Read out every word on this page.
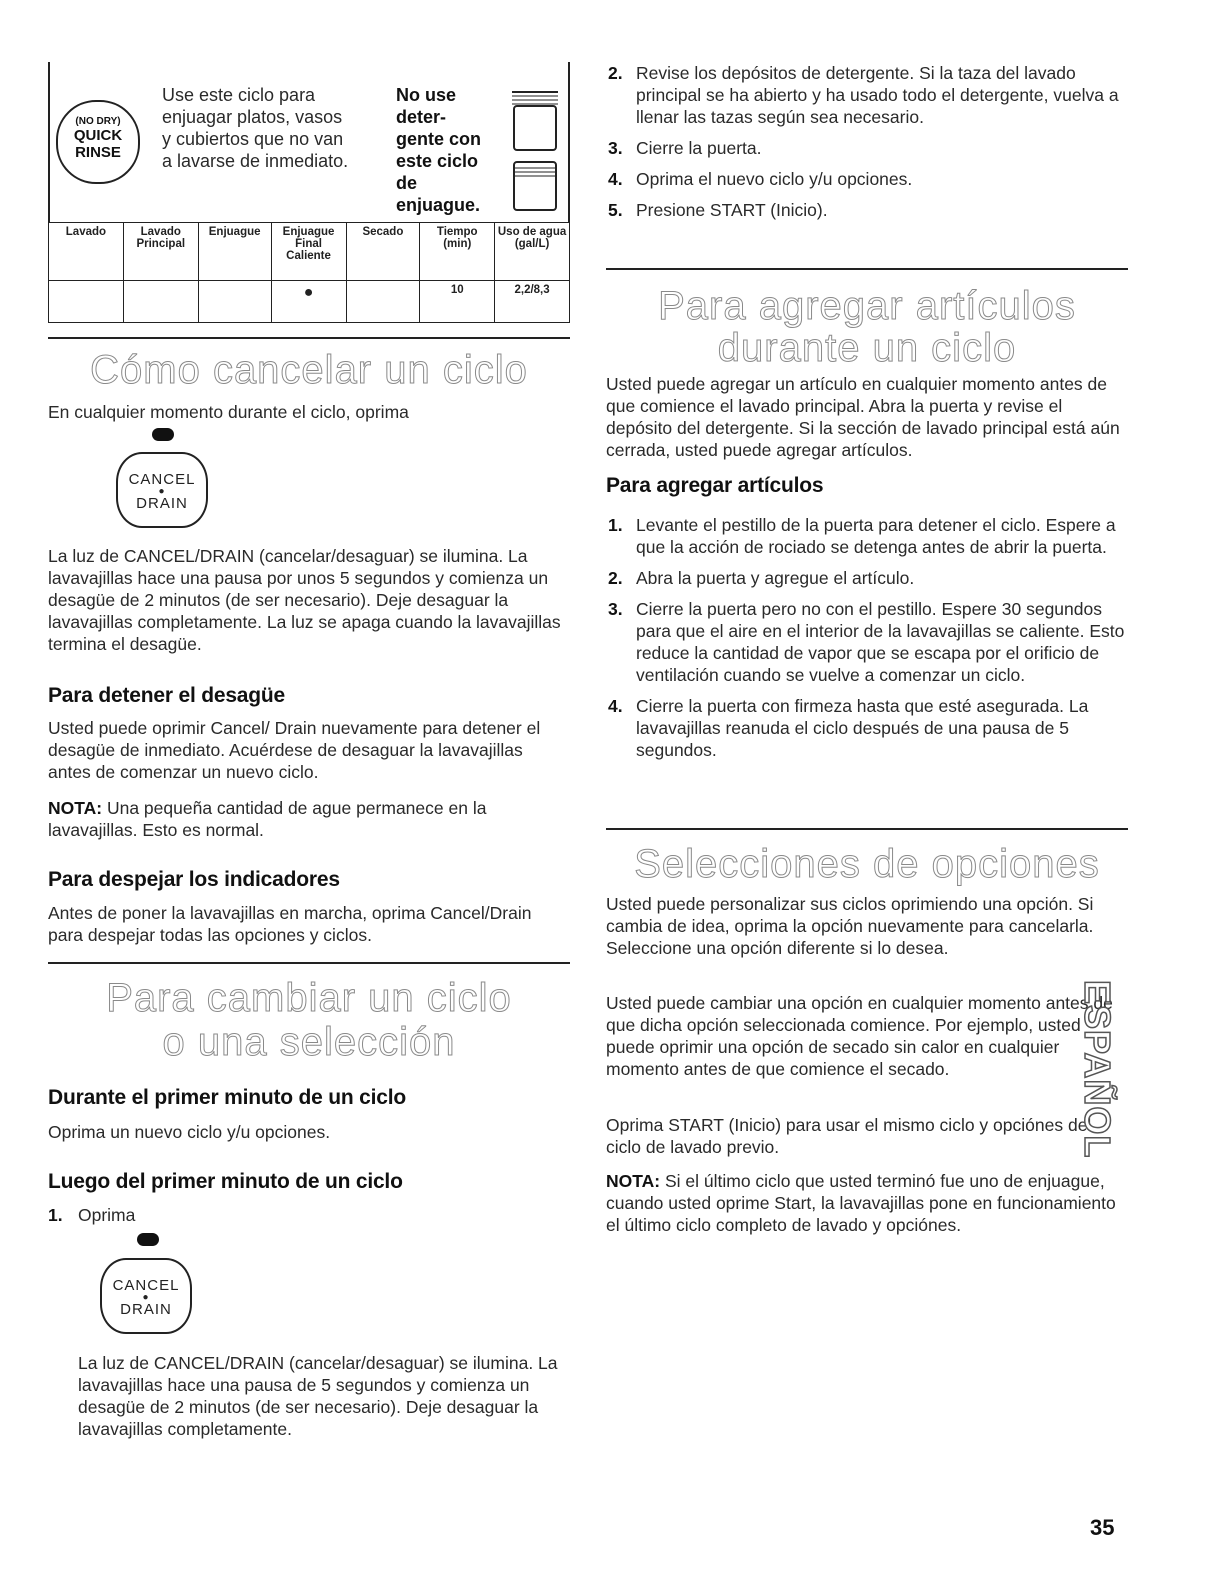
(NO DRY)
QUICK
RINSE
Use este ciclo para
enjuagar platos, vasos
y cubiertos que no van
a lavarse de inmediato.
No use
deter-
gente con
este ciclo
de
enjuague.
Lavado	Lavado Principal	Enjuague	Enjuague Final Caliente	Secado	Tiempo (min)	Uso de agua (gal/L)
			●		10	2,2/8,3
Cómo cancelar un ciclo
En cualquier momento durante el ciclo, oprima
CANCEL
●
DRAIN
La luz de CANCEL/DRAIN (cancelar/desaguar) se ilumina. La lavavajillas hace una pausa por unos 5 segundos y comienza un desagüe de 2 minutos (de ser necesario). Deje desaguar la lavavajillas completamente. La luz se apaga cuando la lavavajillas termina el desagüe.
Para detener el desagüe
Usted puede oprimir Cancel/ Drain nuevamente para detener el desagüe de inmediato. Acuérdese de desaguar la lavavajillas antes de comenzar un nuevo ciclo.
NOTA: Una pequeña cantidad de ague permanece en la lavavajillas. Esto es normal.
Para despejar los indicadores
Antes de poner la lavavajillas en marcha, oprima Cancel/Drain para despejar todas las opciones y ciclos.
Para cambiar un ciclo
o una selección
Durante el primer minuto de un ciclo
Oprima un nuevo ciclo y/u opciones.
Luego del primer minuto de un ciclo
1. Oprima
CANCEL
●
DRAIN
La luz de CANCEL/DRAIN (cancelar/desaguar) se ilumina. La lavavajillas hace una pausa de 5 segundos y comienza un desagüe de 2 minutos (de ser necesario). Deje desaguar la lavavajillas completamente.
2. Revise los depósitos de detergente. Si la taza del lavado principal se ha abierto y ha usado todo el detergente, vuelva a llenar las tazas según sea necesario.
3. Cierre la puerta.
4. Oprima el nuevo ciclo y/u opciones.
5. Presione START (Inicio).
Para agregar artículos
durante un ciclo
Usted puede agregar un artículo en cualquier momento antes de que comience el lavado principal. Abra la puerta y revise el depósito del detergente. Si la sección de lavado principal está aún cerrada, usted puede agregar artículos.
Para agregar artículos
1. Levante el pestillo de la puerta para detener el ciclo. Espere a que la acción de rociado se detenga antes de abrir la puerta.
2. Abra la puerta y agregue el artículo.
3. Cierre la puerta pero no con el pestillo. Espere 30 segundos para que el aire en el interior de la lavavajillas se caliente. Esto reduce la cantidad de vapor que se escapa por el orificio de ventilación cuando se vuelve a comenzar un ciclo.
4. Cierre la puerta con firmeza hasta que esté asegurada. La lavavajillas reanuda el ciclo después de una pausa de 5 segundos.
Selecciones de opciones
Usted puede personalizar sus ciclos oprimiendo una opción. Si cambia de idea, oprima la opción nuevamente para cancelarla. Seleccione una opción diferente si lo desea.
Usted puede cambiar una opción en cualquier momento antes de que dicha opción seleccionada comience. Por ejemplo, usted puede oprimir una opción de secado sin calor en cualquier momento antes de que comience el secado.
Oprima START (Inicio) para usar el mismo ciclo y opciónes del ciclo de lavado previo.
NOTA: Si el último ciclo que usted terminó fue uno de enjuague, cuando usted oprime Start, la lavavajillas pone en funcionamiento el último ciclo completo de lavado y opciónes.
ESPAÑOL
35
